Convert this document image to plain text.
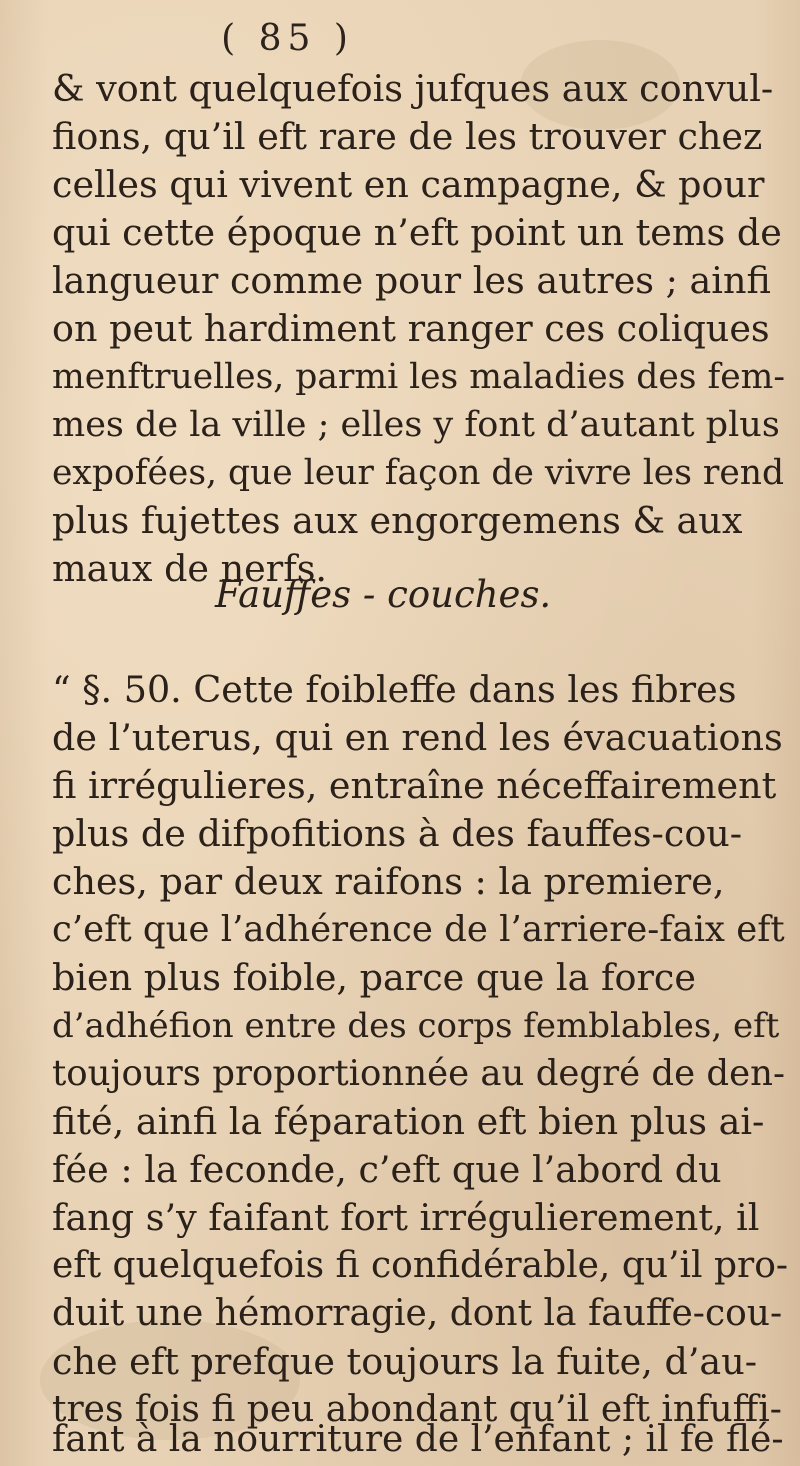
( 85 )
& vont quelquefois jufques aux convul-
fions, qu’il eft rare de les trouver chez
celles qui vivent en campagne, & pour
qui cette époque n’eft point un tems de
langueur comme pour les autres ; ainfi
on peut hardiment ranger ces coliques
menftruelles, parmi les maladies des fem-
mes de la ville ; elles y font d’autant plus
expofées, que leur façon de vivre les rend
plus fujettes aux engorgemens & aux
maux de nerfs.
Fauffes - couches.
“ §. 50. Cette foibleffe dans les fibres
de l’uterus, qui en rend les évacuations
fi irrégulieres, entraîne néceffairement
plus de difpofitions à des fauffes-cou-
ches, par deux raifons : la premiere,
c’eft que l’adhérence de l’arriere-faix eft
bien plus foible, parce que la force
d’adhéfion entre des corps femblables, eft
toujours proportionnée au degré de den-
fité, ainfi la féparation eft bien plus ai-
fée : la feconde, c’eft que l’abord du
fang s’y faifant fort irrégulierement, il
eft quelquefois fi confidérable, qu’il pro-
duit une hémorragie, dont la fauffe-cou-
che eft prefque toujours la fuite, d’au-
tres fois fi peu abondant qu’il eft infuffi-
fant à la nourriture de l’enfant ; il fe flé-
